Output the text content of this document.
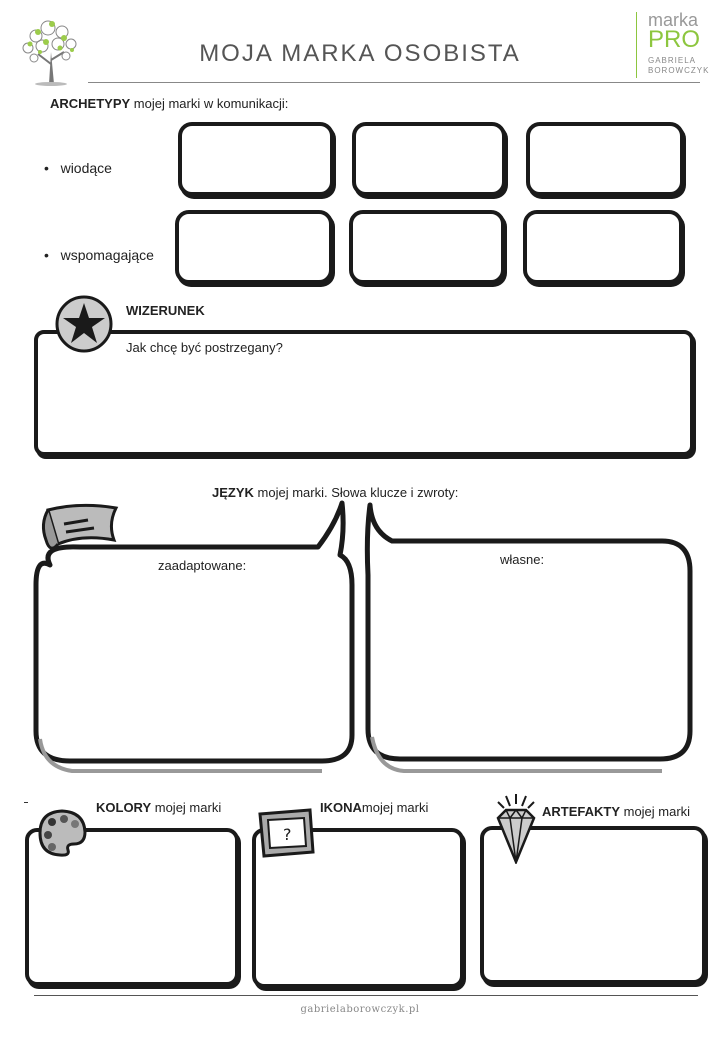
MOJA MARKA OSOBISTA
marka
PRO
GABRIELA
BOROWCZYK
ARCHETYPY mojej marki w komunikacji:
•   wiodące
•   wspomagające
WIZERUNEK
Jak chcę być postrzegany?
JĘZYK mojej marki. Słowa klucze i zwroty:
zaadaptowane:	własne:
KOLORY mojej marki
?
IKONAmojej marki	ARTEFAKTY mojej marki
gabrielaborowczyk.pl
